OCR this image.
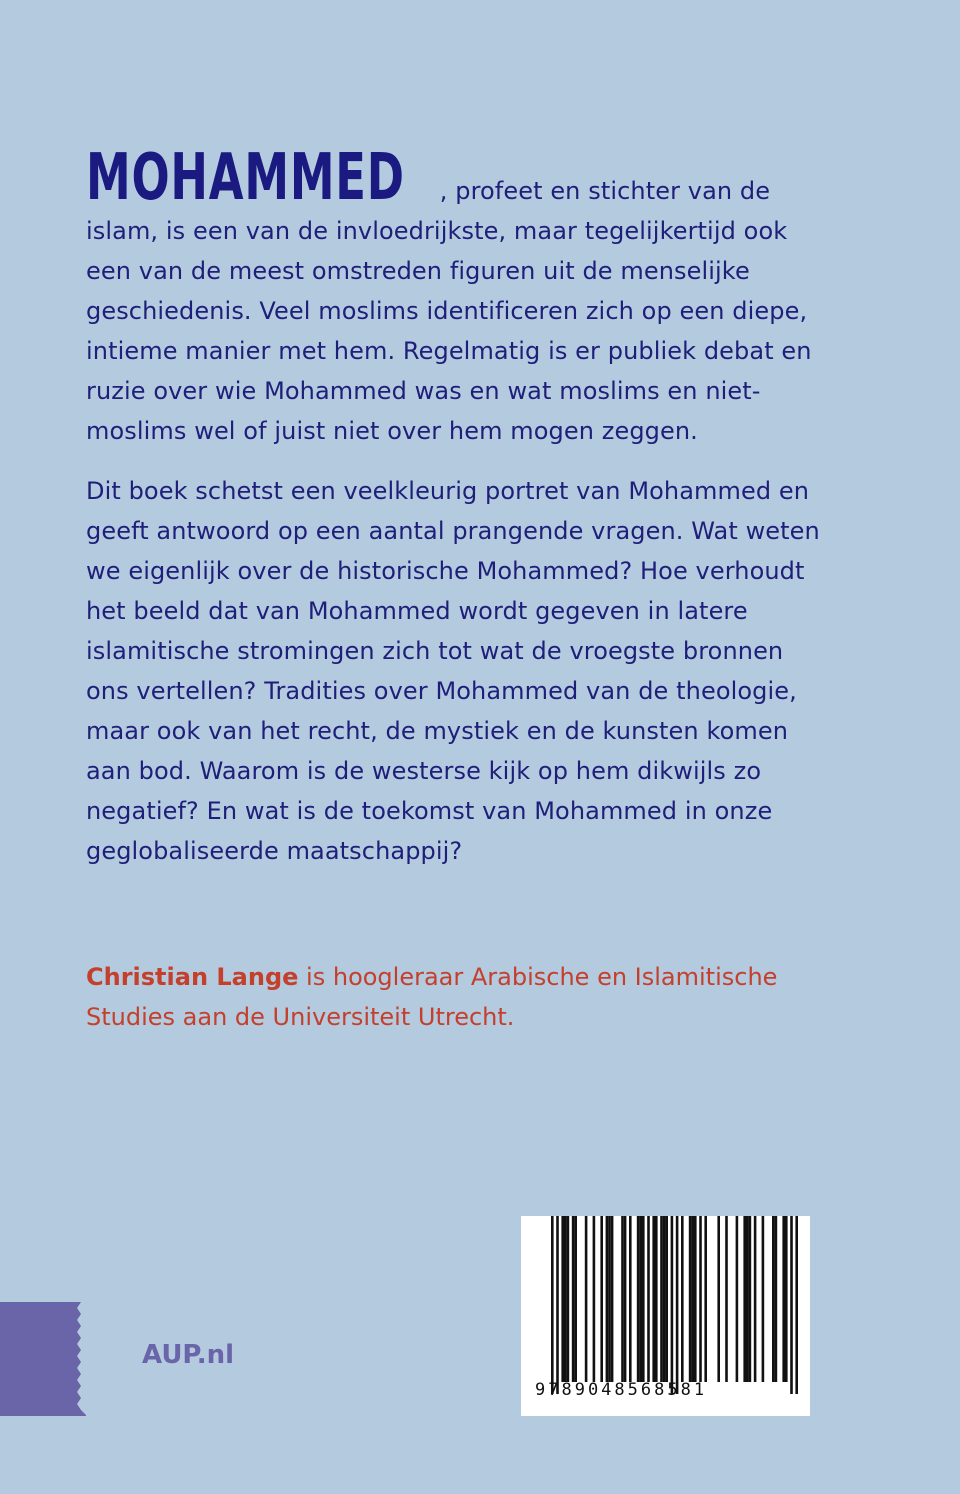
MOHAMMED , profeet en stichter van de islam, is een van de invloedrijkste, maar tegelijkertijd ook een van de meest omstreden figuren uit de menselijke geschiedenis. Veel moslims identificeren zich op een diepe, intieme manier met hem. Regelmatig is er publiek debat en ruzie over wie Mohammed was en wat moslims en niet-moslims wel of juist niet over hem mogen zeggen.

Dit boek schetst een veelkleurig portret van Mohammed en geeft antwoord op een aantal prangende vragen. Wat weten we eigenlijk over de historische Mohammed? Hoe verhoudt het beeld dat van Mohammed wordt gegeven in latere islamitische stromingen zich tot wat de vroegste bronnen ons vertellen? Tradities over Mohammed van de theologie, maar ook van het recht, de mystiek en de kunsten komen aan bod. Waarom is de westerse kijk op hem dikwijls zo negatief? En wat is de toekomst van Mohammed in onze geglobaliseerde maatschappij?

Christian Lange is hoogleraar Arabische en Islamitische Studies aan de Universiteit Utrecht.
AUP.nl
9789048568581
